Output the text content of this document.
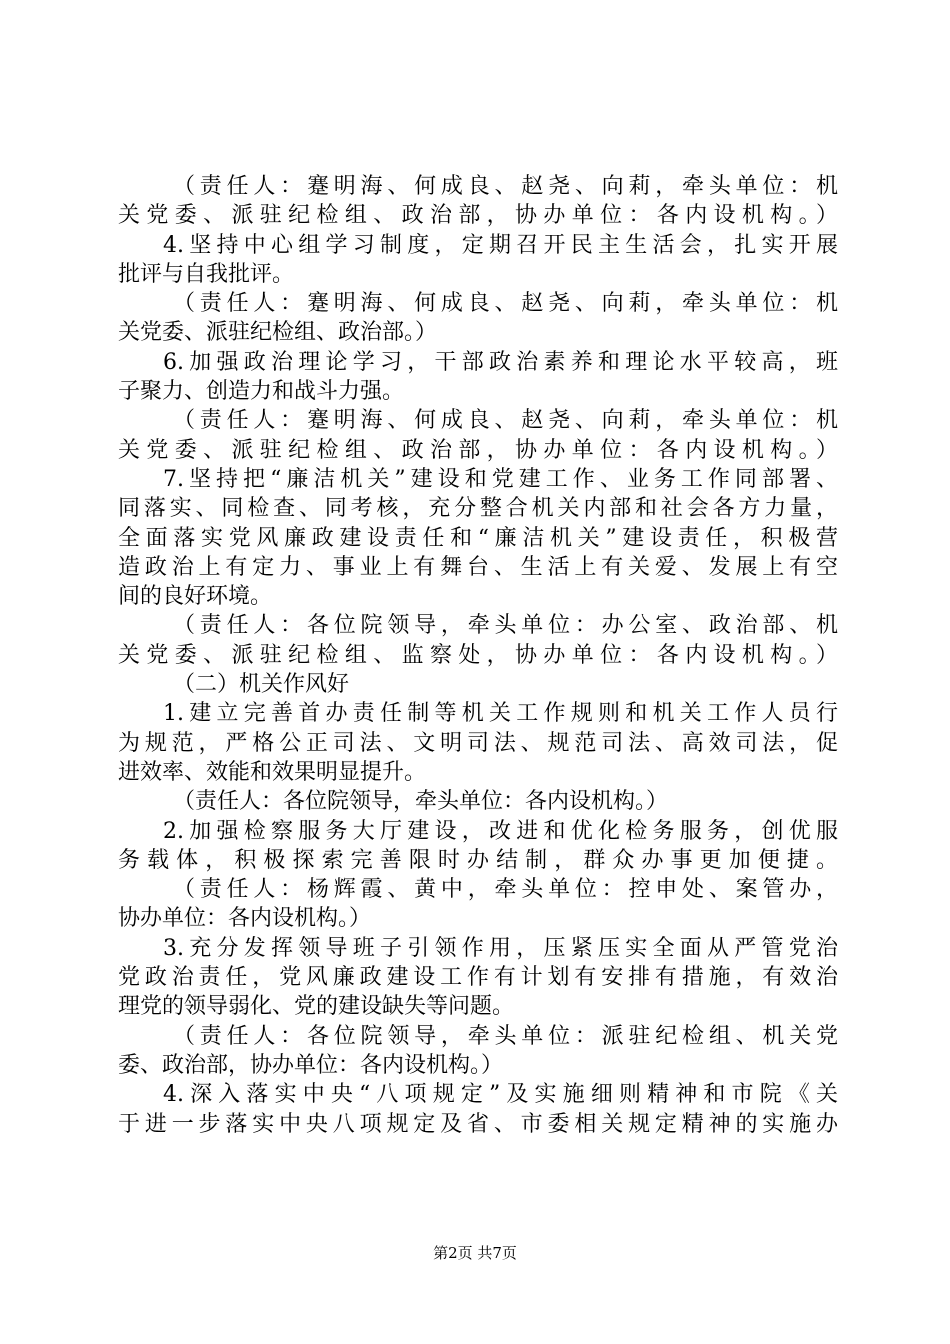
（责任人：蹇明海、何成良、赵尧、向莉，牵头单位：机
关党委、派驻纪检组、政治部，协办单位：各内设机构。）
4.坚持中心组学习制度，定期召开民主生活会，扎实开展
批评与自我批评。
（责任人：蹇明海、何成良、赵尧、向莉，牵头单位：机
关党委、派驻纪检组、政治部。）
6.加强政治理论学习，干部政治素养和理论水平较高，班
子聚力、创造力和战斗力强。
（责任人：蹇明海、何成良、赵尧、向莉，牵头单位：机
关党委、派驻纪检组、政治部，协办单位：各内设机构。）
7.坚持把“廉洁机关”建设和党建工作、业务工作同部署、
同落实、同检查、同考核，充分整合机关内部和社会各方力量，
全面落实党风廉政建设责任和“廉洁机关”建设责任，积极营
造政治上有定力、事业上有舞台、生活上有关爱、发展上有空
间的良好环境。
（责任人：各位院领导，牵头单位：办公室、政治部、机
关党委、派驻纪检组、监察处，协办单位：各内设机构。）
（二）机关作风好
1.建立完善首办责任制等机关工作规则和机关工作人员行
为规范，严格公正司法、文明司法、规范司法、高效司法，促
进效率、效能和效果明显提升。
（责任人：各位院领导，牵头单位：各内设机构。）
2.加强检察服务大厅建设，改进和优化检务服务，创优服
务载体，积极探索完善限时办结制，群众办事更加便捷。
（责任人：杨辉霞、黄中，牵头单位：控申处、案管办，
协办单位：各内设机构。）
3.充分发挥领导班子引领作用，压紧压实全面从严管党治
党政治责任，党风廉政建设工作有计划有安排有措施，有效治
理党的领导弱化、党的建设缺失等问题。
（责任人：各位院领导，牵头单位：派驻纪检组、机关党
委、政治部，协办单位：各内设机构。）
4.深入落实中央“八项规定”及实施细则精神和市院《关
于进一步落实中央八项规定及省、市委相关规定精神的实施办
第2页 共7页
